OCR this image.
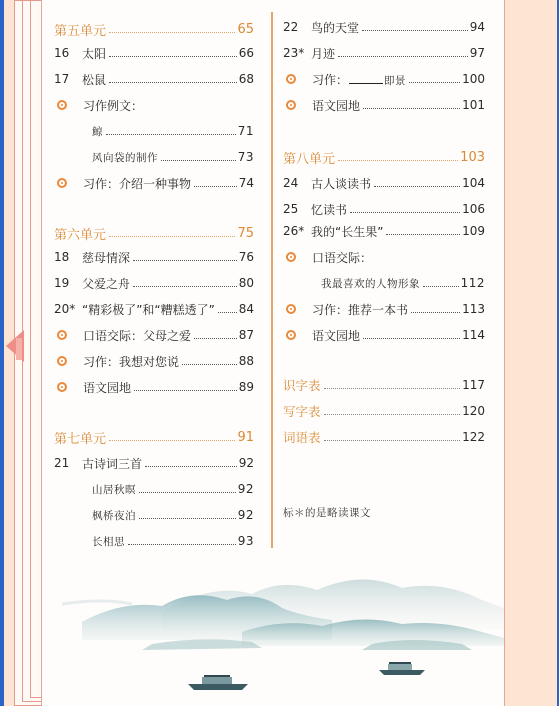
第五单元	65
16	太阳	66
17	松鼠	68
习作例文：
鲸	71
风向袋的制作	73
习作：介绍一种事物	74
第六单元	75
18	慈母情深	76
19	父爱之舟	80
20* “精彩极了”和“糟糕透了” 84
口语交际：父母之爱	87
习作：我想对您说	88
语文园地	89
第七单元	91
21	古诗词三首	92
山居秋暝	92
枫桥夜泊	92
长相思	93
22	鸟的天堂	94
23* 月迹	97
习作：	即景	100
语文园地	101
第八单元	103
24	古人谈读书	104
25	忆读书	106
26* 我的“长生果”	109
口语交际：
我最喜欢的人物形象	112
习作：推荐一本书	113
语文园地	114
识字表	117
写字表	120
词语表	122
标＊的是略读课文
